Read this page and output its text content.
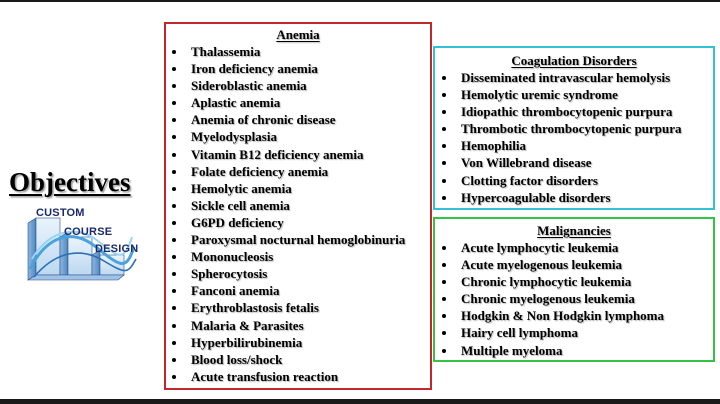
Objectives
CUSTOM
COURSE
DESIGN
Anemia
Thalassemia
Iron deficiency anemia
Sideroblastic anemia
Aplastic anemia
Anemia of chronic disease
Myelodysplasia
Vitamin B12 deficiency anemia
Folate deficiency anemia
Hemolytic anemia
Sickle cell anemia
G6PD deficiency
Paroxysmal nocturnal hemoglobinuria
Mononucleosis
Spherocytosis
Fanconi anemia
Erythroblastosis fetalis
Malaria & Parasites
Hyperbilirubinemia
Blood loss/shock
Acute transfusion reaction
Coagulation Disorders
Disseminated intravascular hemolysis
Hemolytic uremic syndrome
Idiopathic thrombocytopenic purpura
Thrombotic thrombocytopenic purpura
Hemophilia
Von Willebrand disease
Clotting factor disorders
Hypercoagulable disorders
Malignancies
Acute lymphocytic leukemia
Acute myelogenous leukemia
Chronic lymphocytic leukemia
Chronic myelogenous leukemia
Hodgkin & Non Hodgkin lymphoma
Hairy cell lymphoma
Multiple myeloma
